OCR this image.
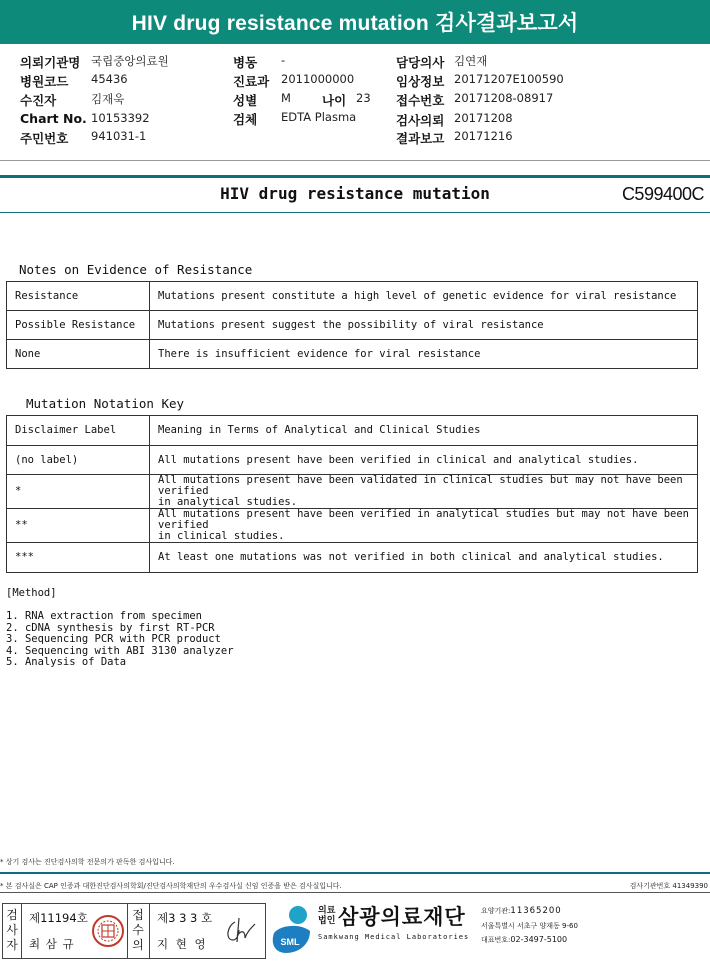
HIV drug resistance mutation 검사결과보고서
의뢰기관명 국립중앙의료원
병원코드 45436
수진자	김재욱
Chart No. 10153392
주민번호 941031-1
병동 -
진료과 2011000000
성별 M 나이 23
검체 EDTA Plasma
담당의사 김연재
임상정보 20171207E100590
접수번호 20171208-08917
검사의뢰 20171208
결과보고 20171216
HIV drug resistance mutation	C599400C
Notes on Evidence of Resistance
Resistance	Mutations present constitute a high level of genetic evidence for viral resistance
Possible Resistance	Mutations present suggest the possibility of viral resistance
None	There is insufficient evidence for viral resistance
Mutation Notation Key
Disclaimer Label	Meaning in Terms of Analytical and Clinical Studies
(no label)	All mutations present have been verified in clinical and analytical studies.
*	All mutations present have been validated in clinical studies but may not have been verified
in analytical studies.

**	All mutations present have been verified in analytical studies but may not have been verified
in clinical studies.

***	At least one mutations was not verified in both clinical and analytical studies.
[Method]
1. RNA extraction from specimen
2. cDNA synthesis by first RT-PCR
3. Sequencing PCR with PCR product
4. Sequencing with ABI 3130 analyzer
5. Analysis of Data
* 상기 검사는 진단검사의학 전문의가 판독한 검사입니다.
* 본 검사실은 CAP 인증과 대한진단검사의학회/진단검사의학재단의 우수검사실 신임 인증을 받은 검사실입니다.	검사기관번호 41349390
검사자
제11194호
최 삼 규
접수의
제3 3 3 호
지 현 영	SML
의료
법인 삼광의료재단
Samkwang Medical Laboratories
요양기관:11365200
서울특별시 서초구 양재동 9-60
대표번호:02-3497-5100
